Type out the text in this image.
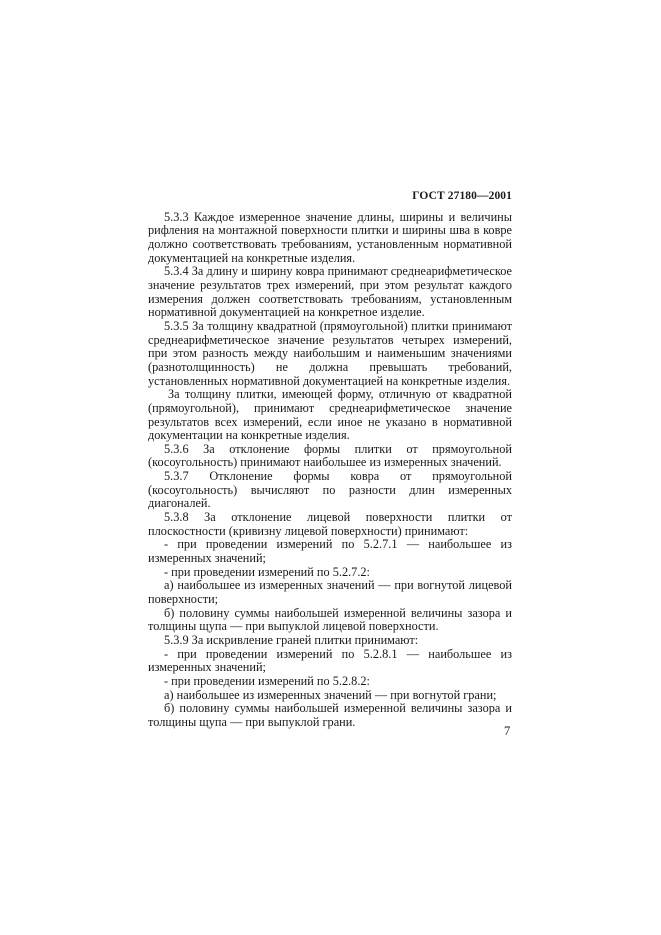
ГОСТ 27180—2001

5.3.3 Каждое измеренное значение длины, ширины и величины рифления на монтажной поверхности плитки и ширины шва в ковре должно соответствовать требованиям, установленным нормативной документацией на конкретные изделия.

5.3.4 За длину и ширину ковра принимают среднеарифметическое значение результатов трех измерений, при этом результат каждого измерения должен соответствовать требованиям, установленным нормативной документацией на конкретное изделие.

5.3.5 За толщину квадратной (прямоугольной) плитки принимают среднеарифметическое значение результатов четырех измерений, при этом разность между наибольшим и наименьшим значениями (разнотолщинность) не должна превышать требований, установленных нормативной документацией на конкретные изделия.

За толщину плитки, имеющей форму, отличную от квадратной (прямоугольной), принимают среднеарифметическое значение результатов всех измерений, если иное не указано в нормативной документации на конкретные изделия.

5.3.6 За отклонение формы плитки от прямоугольной (косоугольность) принимают наибольшее из измеренных значений.

5.3.7 Отклонение формы ковра от прямоугольной (косоугольность) вычисляют по разности длин измеренных диагоналей.

5.3.8 За отклонение лицевой поверхности плитки от плоскостности (кривизну лицевой поверхности) принимают:

- при проведении измерений по 5.2.7.1 — наибольшее из измеренных значений;

- при проведении измерений по 5.2.7.2:

а) наибольшее из измеренных значений — при вогнутой лицевой поверхности;

б) половину суммы наибольшей измеренной величины зазора и толщины щупа — при выпуклой лицевой поверхности.

5.3.9 За искривление граней плитки принимают:

- при проведении измерений по 5.2.8.1 — наибольшее из измеренных значений;

- при проведении измерений по 5.2.8.2:

а) наибольшее из измеренных значений — при вогнутой грани;

б) половину суммы наибольшей измеренной величины зазора и толщины щупа — при выпуклой грани.

7
